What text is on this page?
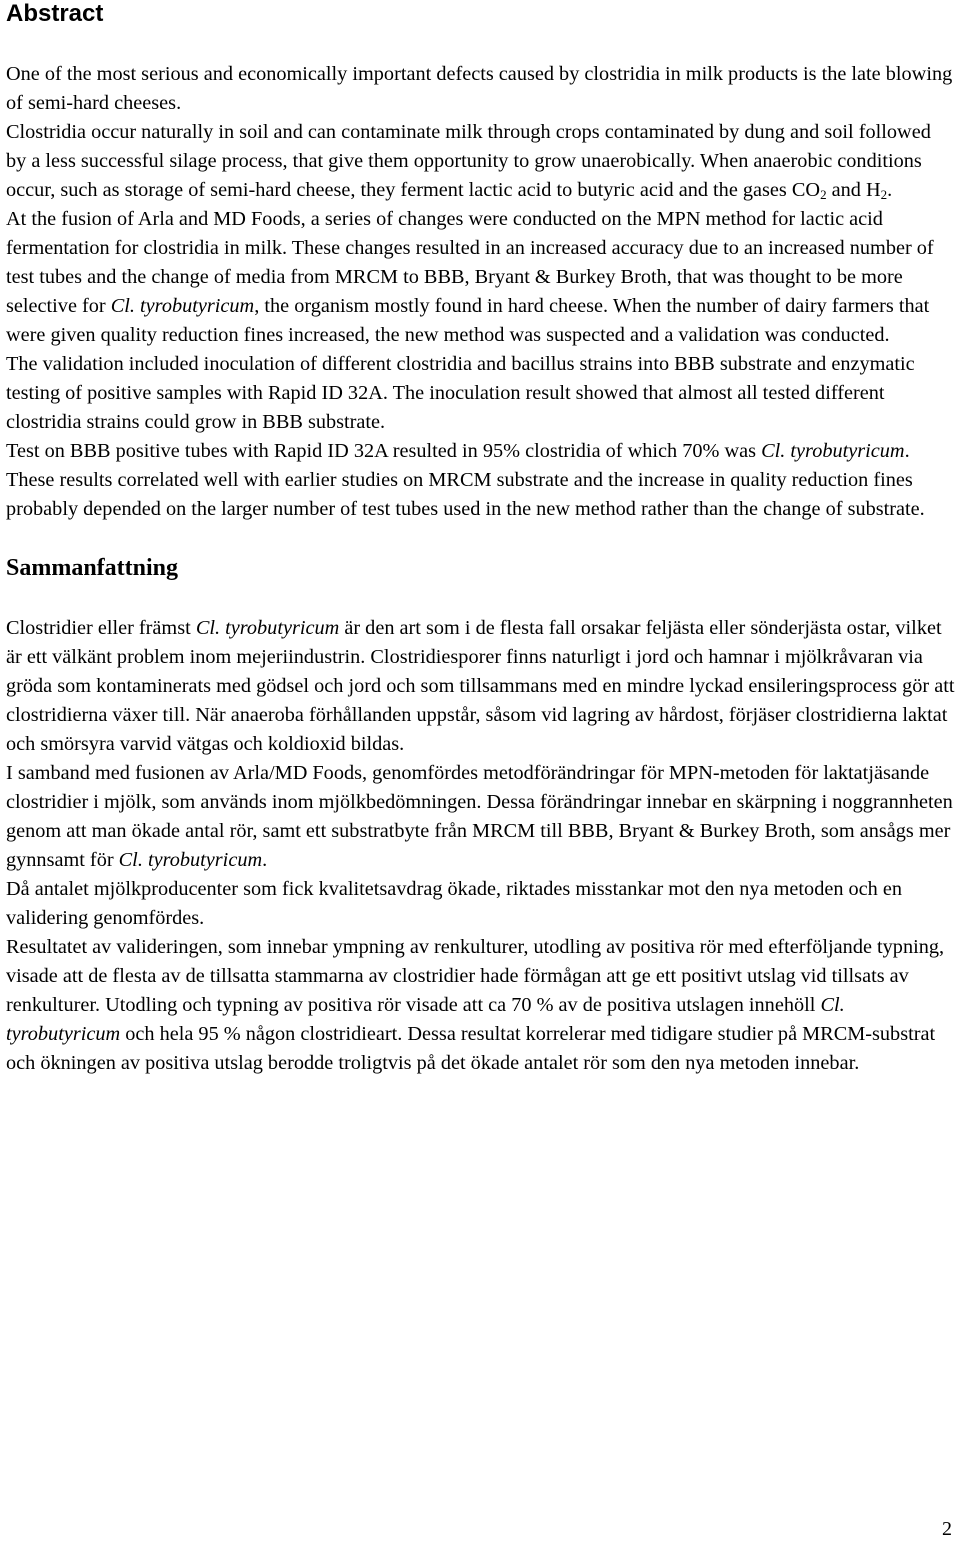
Abstract

One of the most serious and economically important defects caused by clostridia in milk products is the late blowing of semi-hard cheeses.

Clostridia occur naturally in soil and can contaminate milk through crops contaminated by dung and soil followed by a less successful silage process, that give them opportunity to grow unaerobically. When anaerobic conditions occur, such as storage of semi-hard cheese, they ferment lactic acid to butyric acid and the gases $CO_2$ and $H_2$.

At the fusion of Arla and MD Foods, a series of changes were conducted on the MPN method for lactic acid fermentation for clostridia in milk. These changes resulted in an increased accuracy due to an increased number of test tubes and the change of media from MRCM to BBB, Bryant & Burkey Broth, that was thought to be more selective for Cl. tyrobutyricum, the organism mostly found in hard cheese. When the number of dairy farmers that were given quality reduction fines increased, the new method was suspected and a validation was conducted.

The validation included inoculation of different clostridia and bacillus strains into BBB substrate and enzymatic testing of positive samples with Rapid ID 32A. The inoculation result showed that almost all tested different clostridia strains could grow in BBB substrate.

Test on BBB positive tubes with Rapid ID 32A resulted in 95% clostridia of which 70% was Cl. tyrobutyricum. These results correlated well with earlier studies on MRCM substrate and the increase in quality reduction fines probably depended on the larger number of test tubes used in the new method rather than the change of substrate.

Sammanfattning

Clostridier eller främst Cl. tyrobutyricum är den art som i de flesta fall orsakar feljästa eller sönderjästa ostar, vilket är ett välkänt problem inom mejeriindustrin. Clostridiesporer finns naturligt i jord och hamnar i mjölkråvaran via gröda som kontaminerats med gödsel och jord och som tillsammans med en mindre lyckad ensileringsprocess gör att clostridierna växer till. När anaeroba förhållanden uppstår, såsom vid lagring av hårdost, förjäser clostridierna laktat och smörsyra varvid vätgas och koldioxid bildas.

I samband med fusionen av Arla/MD Foods, genomfördes metodförändringar för MPN-metoden för laktatjäsande clostridier i mjölk, som används inom mjölkbedömningen. Dessa förändringar innebar en skärpning i noggrannheten genom att man ökade antal rör, samt ett substratbyte från MRCM till BBB, Bryant & Burkey Broth, som ansågs mer gynnsamt för Cl. tyrobutyricum.

Då antalet mjölkproducenter som fick kvalitetsavdrag ökade, riktades misstankar mot den nya metoden och en validering genomfördes.

Resultatet av valideringen, som innebar ympning av renkulturer, utodling av positiva rör med efterföljande typning, visade att de flesta av de tillsatta stammarna av clostridier hade förmågan att ge ett positivt utslag vid tillsats av renkulturer. Utodling och typning av positiva rör visade att ca 70 % av de positiva utslagen innehöll Cl. tyrobutyricum och hela 95 % någon clostridieart. Dessa resultat korrelerar med tidigare studier på MRCM-substrat och ökningen av positiva utslag berodde troligtvis på det ökade antalet rör som den nya metoden innebar.

2
